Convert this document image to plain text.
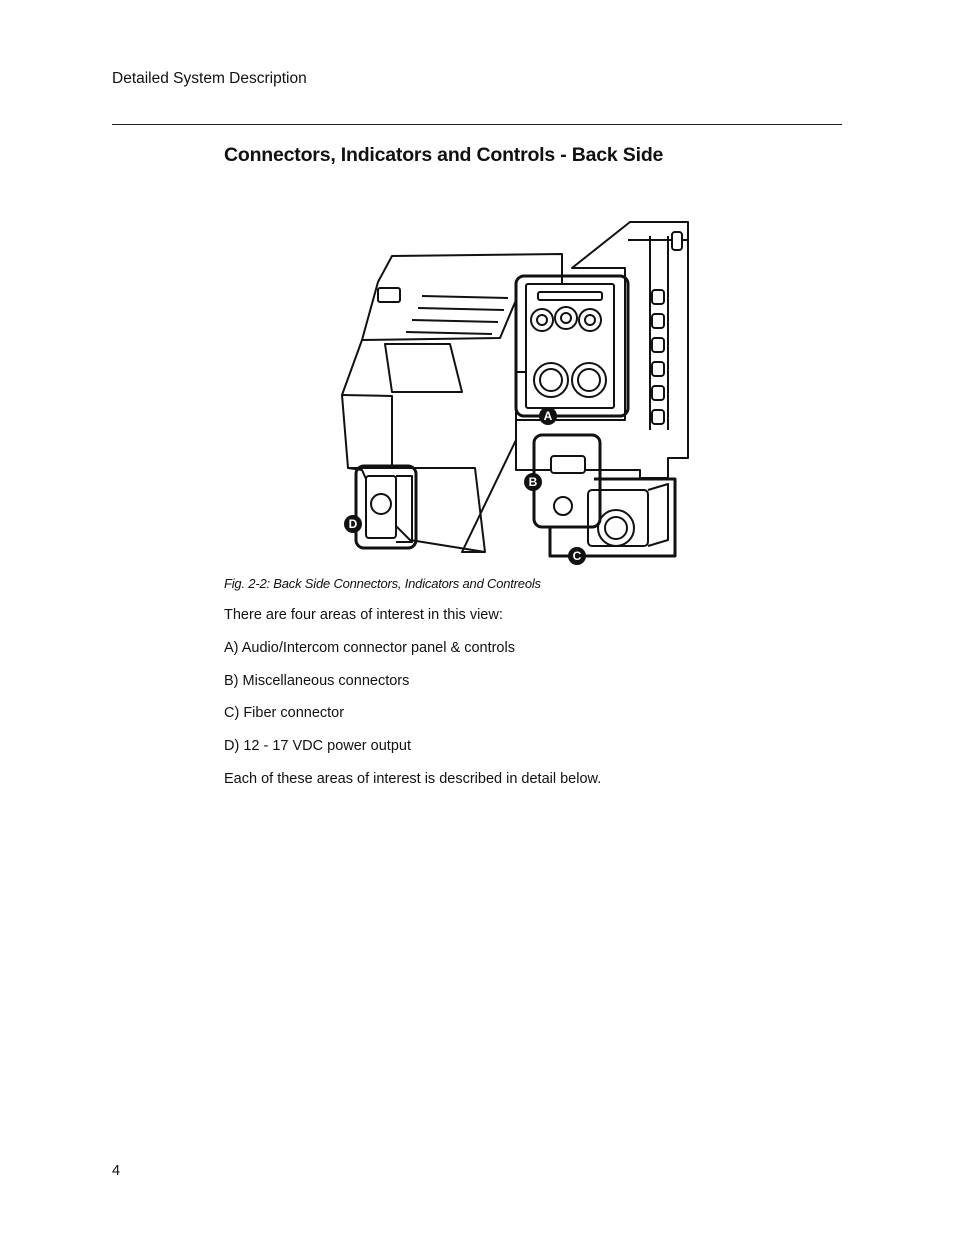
Detailed System Description
Connectors, Indicators and Controls - Back Side
A
B
C
D
Fig. 2-2: Back Side Connectors, Indicators and Contreols

There are four areas of interest in this view:

A) Audio/Intercom connector panel & controls

B) Miscellaneous connectors

C) Fiber connector

D) 12 - 17 VDC power output

Each of these areas of interest is described in detail below.

4
